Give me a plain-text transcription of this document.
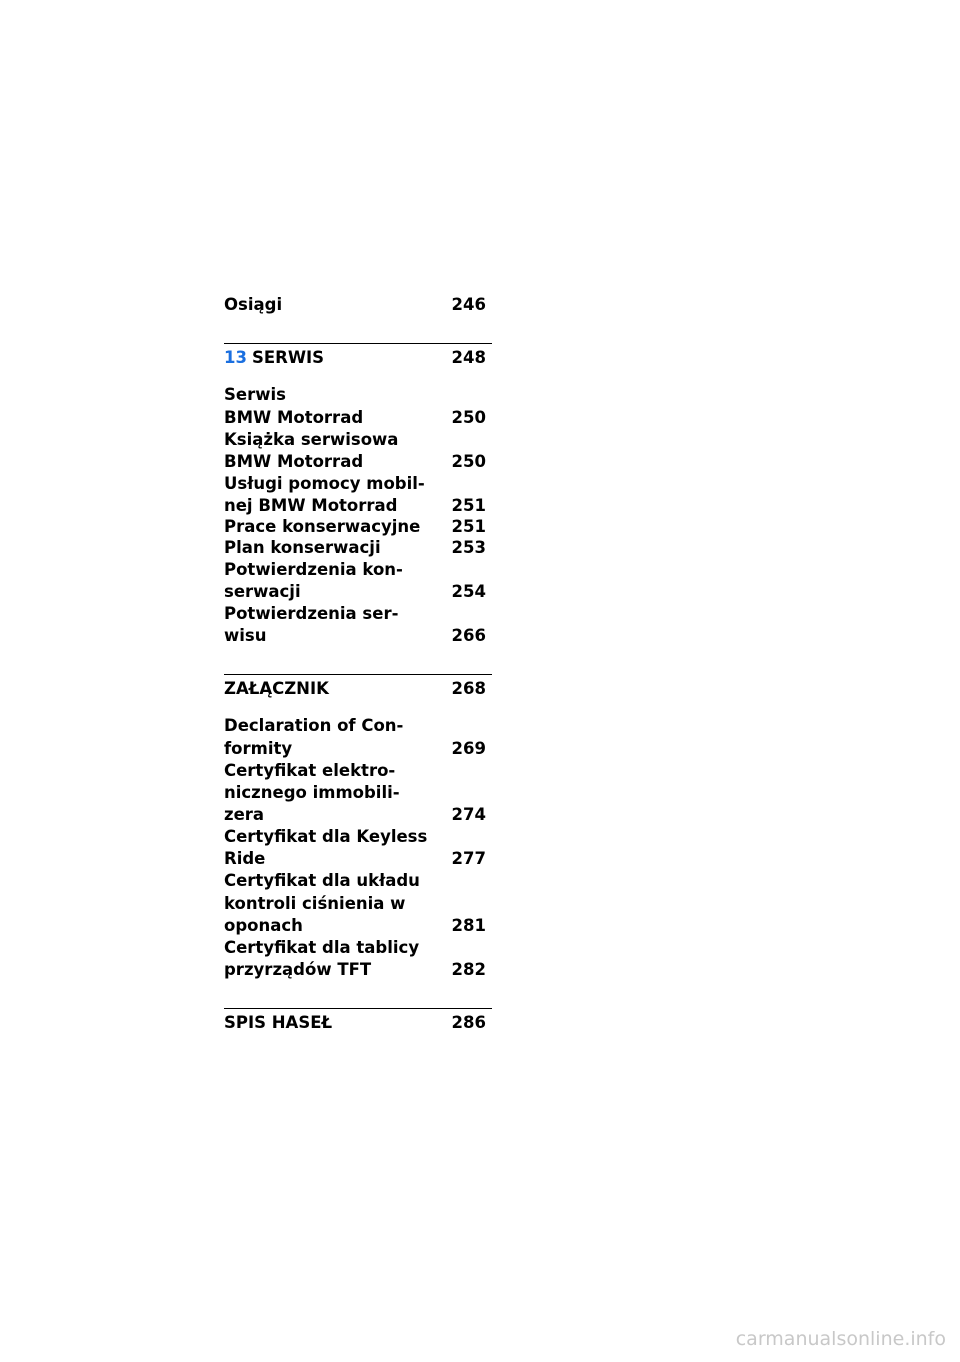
Osiągi	246
13 SERWIS	248
Serwis
BMW Motorrad	250
Książka serwisowa
BMW Motorrad	250
Usługi pomocy mobil-
nej BMW Motorrad	251
Prace konserwacyjne 251
Plan konserwacji	253
Potwierdzenia kon-
serwacji	254
Potwierdzenia ser-
wisu	266
ZAŁĄCZNIK	268
Declaration of Con-
formity	269
Certyfikat elektro-
nicznego immobili-
zera	274
Certyfikat dla Keyless
Ride	277
Certyfikat dla układu
kontroli ciśnienia w
oponach	281
Certyfikat dla tablicy
przyrządów TFT	282
SPIS HASEŁ	286
carmanualsonline.info
